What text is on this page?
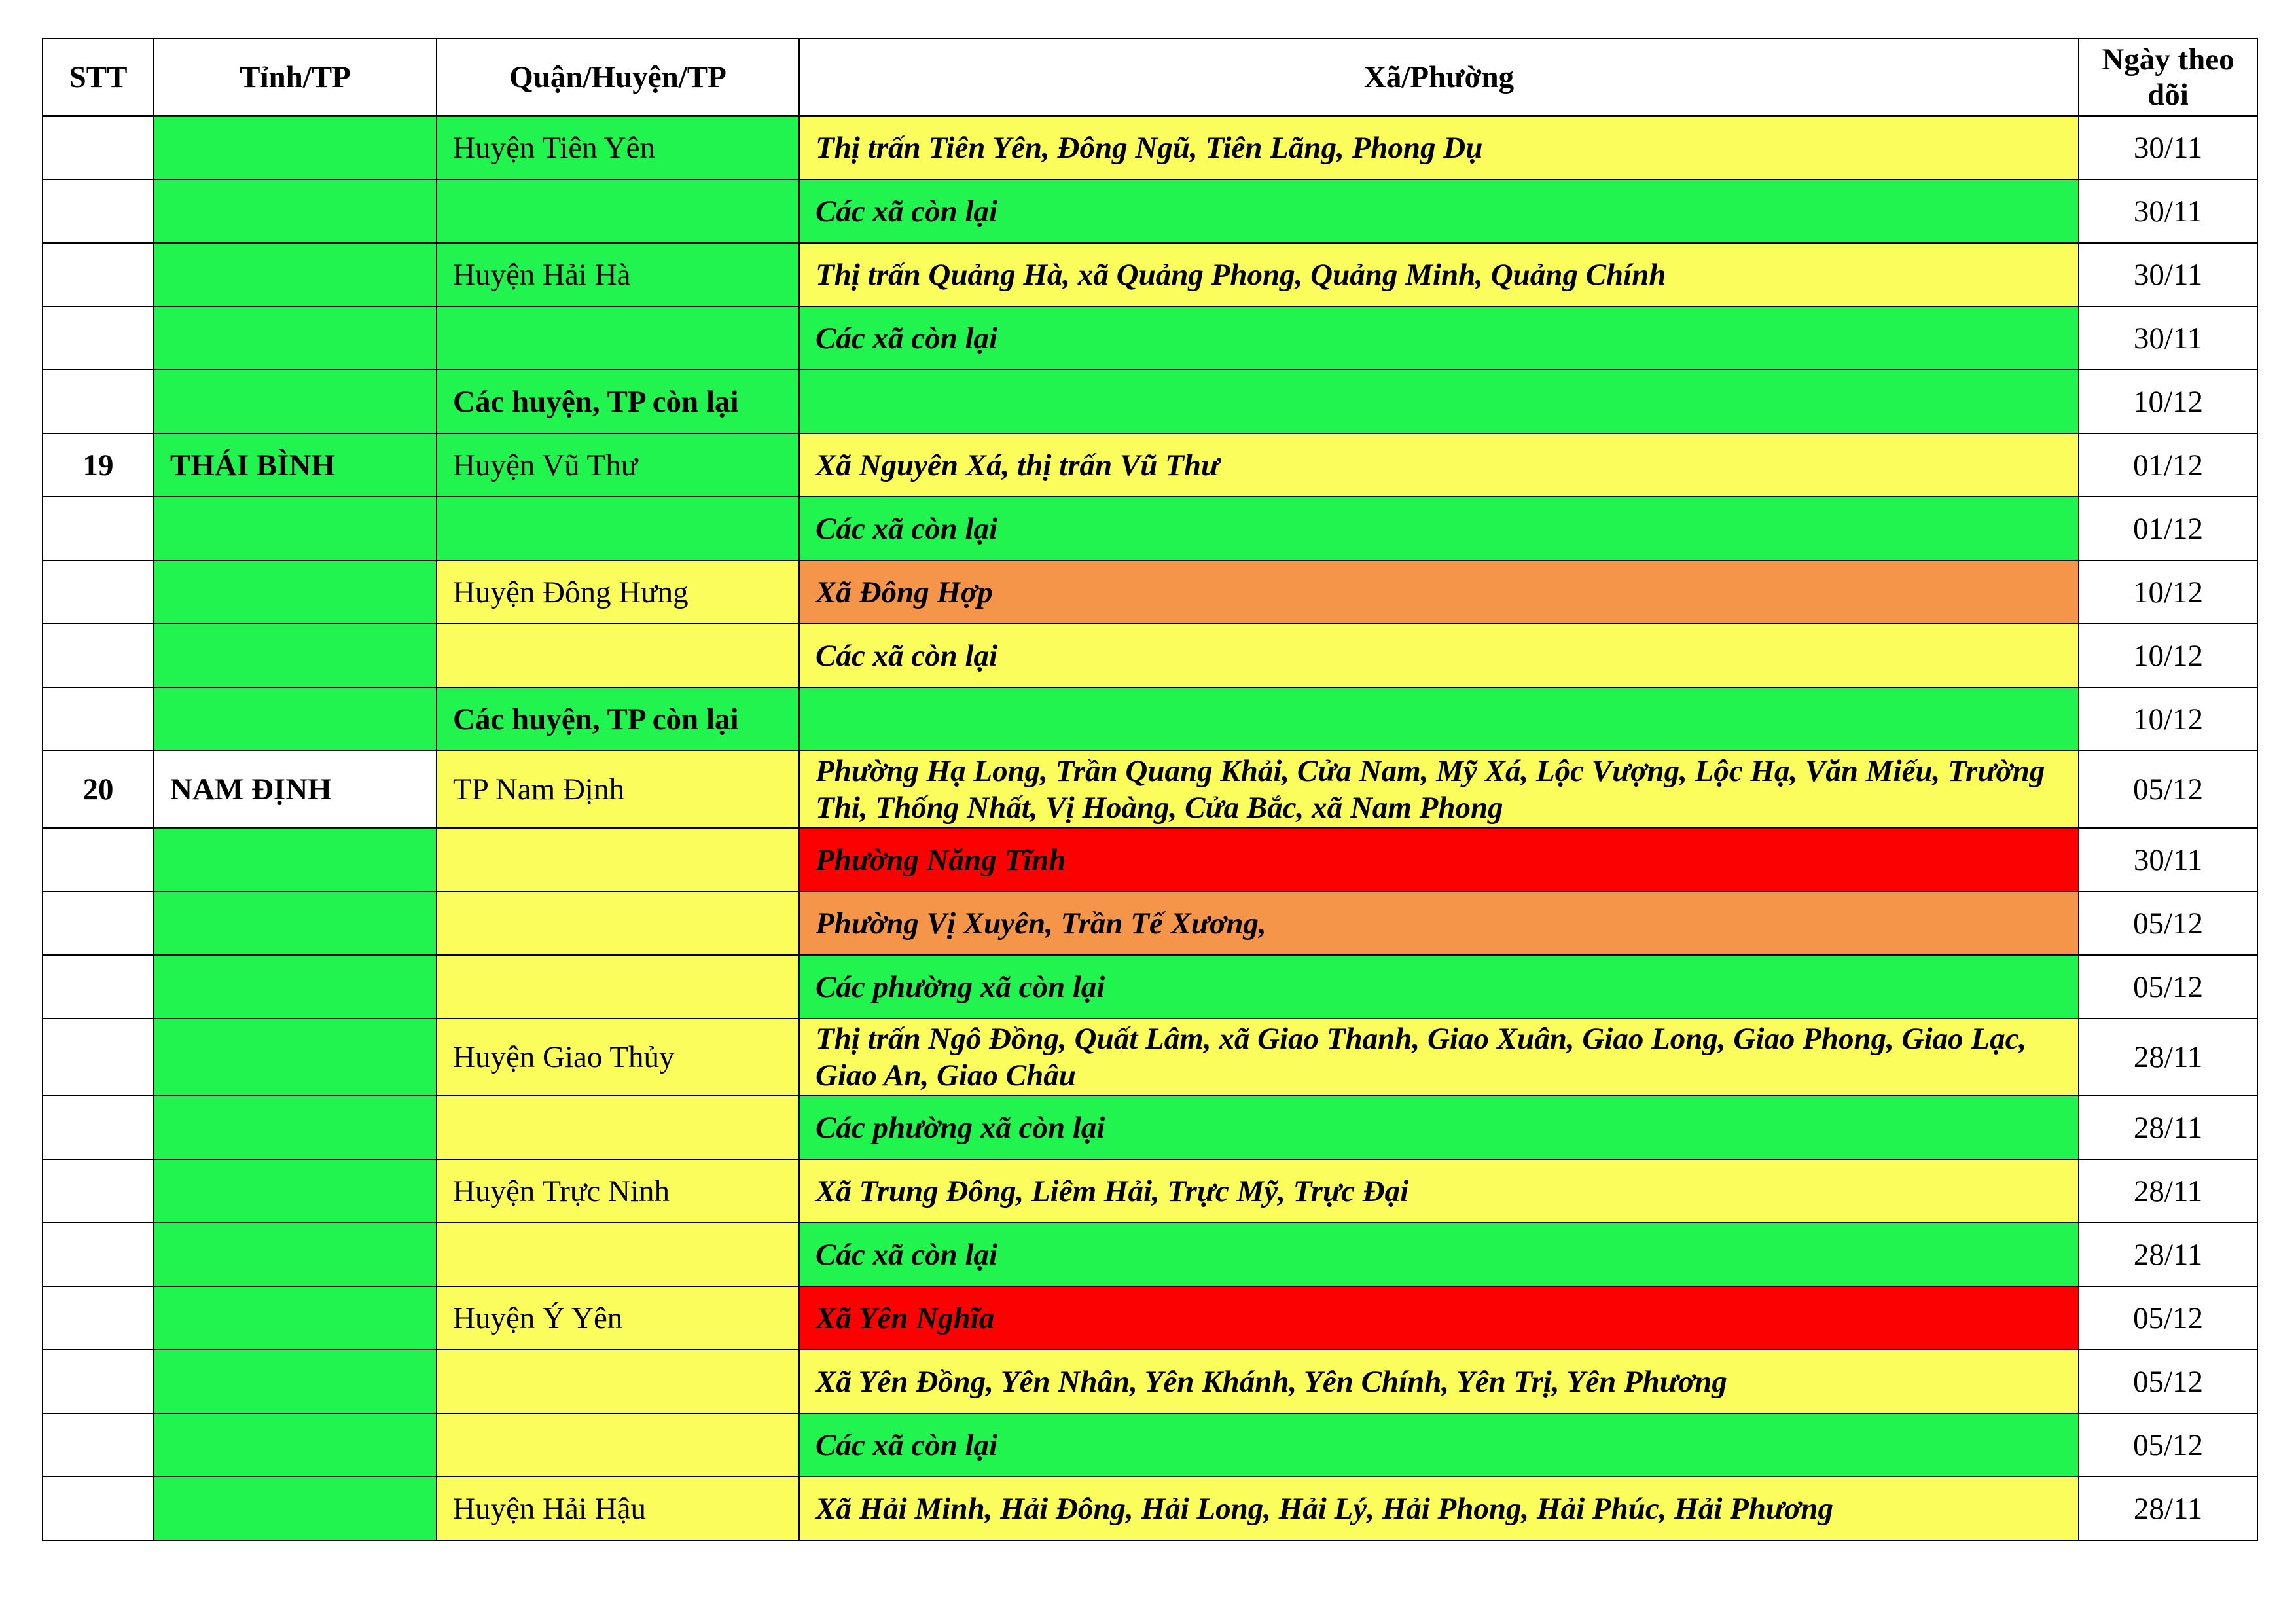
STT	Tỉnh/TP	Quận/Huyện/TP	Xã/Phường	Ngày theo dõi
		Huyện Tiên Yên	Thị trấn Tiên Yên, Đông Ngũ, Tiên Lãng, Phong Dụ	30/11
			Các xã còn lại	30/11
		Huyện Hải Hà	Thị trấn Quảng Hà, xã Quảng Phong, Quảng Minh, Quảng Chính	30/11
			Các xã còn lại	30/11
		Các huyện, TP còn lại		10/12
19	THÁI BÌNH	Huyện Vũ Thư	Xã Nguyên Xá, thị trấn Vũ Thư	01/12
			Các xã còn lại	01/12
		Huyện Đông Hưng	Xã Đông Hợp	10/12
			Các xã còn lại	10/12
		Các huyện, TP còn lại		10/12
20	NAM ĐỊNH	TP Nam Định	Phường Hạ Long, Trần Quang Khải, Cửa Nam, Mỹ Xá, Lộc Vượng, Lộc Hạ, Văn Miếu, Trường Thi, Thống Nhất, Vị Hoàng, Cửa Bắc, xã Nam Phong	05/12
			Phường Năng Tĩnh	30/11
			Phường Vị Xuyên, Trần Tế Xương,	05/12
			Các phường xã còn lại	05/12
		Huyện Giao Thủy	Thị trấn Ngô Đồng, Quất Lâm, xã Giao Thanh, Giao Xuân, Giao Long, Giao Phong, Giao Lạc, Giao An, Giao Châu	28/11
			Các phường xã còn lại	28/11
		Huyện Trực Ninh	Xã Trung Đông, Liêm Hải, Trực Mỹ, Trực Đại	28/11
			Các xã còn lại	28/11
		Huyện Ý Yên	Xã Yên Nghĩa	05/12
			Xã Yên Đồng, Yên Nhân, Yên Khánh, Yên Chính, Yên Trị, Yên Phương	05/12
			Các xã còn lại	05/12
		Huyện Hải Hậu	Xã Hải Minh, Hải Đông, Hải Long, Hải Lý, Hải Phong, Hải Phúc, Hải Phương	28/11
